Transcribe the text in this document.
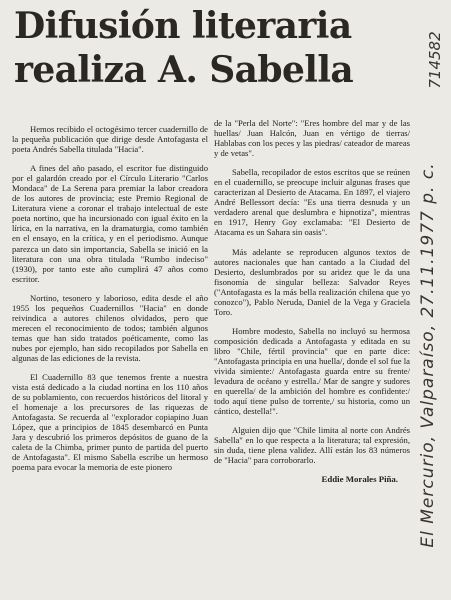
Difusión literaria
realiza A. Sabella

Hemos recibido el octogésimo tercer cuadernillo de la pequeña publicación que dirige desde Antofagasta el poeta Andrés Sabella titulada "Hacia".

A fines del año pasado, el escritor fue distinguido por el galardón creado por el Círculo Literario "Carlos Mondaca" de La Serena para premiar la labor creadora de los autores de provincia; este Premio Regional de Literatura viene a coronar el trabajo intelectual de este poeta nortino, que ha incursionado con igual éxito en la lírica, en la narrativa, en la dramaturgia, como también en el ensayo, en la crítica, y en el periodismo. Aunque parezca un dato sin importancia, Sabella se inició en la literatura con una obra titulada "Rumbo indeciso" (1930), por tanto este año cumplirá 47 años como escritor.

Nortino, tesonero y laborioso, edita desde el año 1955 los pequeños Cuadernillos "Hacia" en donde reivindica a autores chilenos olvidados, pero que merecen el reconocimiento de todos; también algunos temas que han sido tratados poéticamente, como las nubes por ejemplo, han sido recopilados por Sabella en algunas de las ediciones de la revista.

El Cuadernillo 83 que tenemos frente a nuestra vista está dedicado a la ciudad nortina en los 110 años de su poblamiento, con recuerdos históricos del litoral y el homenaje a los precursores de las riquezas de Antofagasta. Se recuerda al "explorador copiapino Juan López, que a principios de 1845 desembarcó en Punta Jara y descubrió los primeros depósitos de guano de la caleta de la Chimba, primer punto de partida del puerto de Antofagasta". El mismo Sabella escribe un hermoso poema para evocar la memoria de este pionero

de la "Perla del Norte": "Eres hombre del mar y de las huellas/ Juan Halcón, Juan en vértigo de tierras/ Hablabas con los peces y las piedras/ cateador de mareas y de vetas".

Sabella, recopilador de estos escritos que se reúnen en el cuadernillo, se preocupe incluir algunas frases que caracterizan al Desierto de Atacama. En 1897, el viajero André Bellessort decía: "Es una tierra desnuda y un verdadero arenal que deslumbra e hipnotiza", mientras en 1917, Henry Goy exclamaba: "El Desierto de Atacama es un Sahara sin oasis".

Más adelante se reproducen algunos textos de autores nacionales que han cantado a la Ciudad del Desierto, deslumbrados por su aridez que le da una fisonomía de singular belleza: Salvador Reyes ("Antofagasta es la más bella realización chilena que yo conozco"), Pablo Neruda, Daniel de la Vega y Graciela Toro.

Hombre modesto, Sabella no incluyó su hermosa composición dedicada a Antofagasta y editada en su libro "Chile, fértil provincia" que en parte dice: "Antofagasta principia en una huella/, donde el sol fue la vivida simiente:/ Antofagasta guarda entre su frente/ levadura de océano y estrella./ Mar de sangre y sudores en querella/ de la ambición del hombre es confidente:/ todo aquí tiene pulso de torrente,/ su historia, como un cántico, destella!".

Alguien dijo que "Chile limita al norte con Andrés Sabella" en lo que respecta a la literatura; tal expresión, sin duda, tiene plena validez. Allí están los 83 números de "Hacia" para corroborarlo.

Eddie Morales Piña.	El Mercurio, Valparaíso, 27.11.1977 p. c.
714582
